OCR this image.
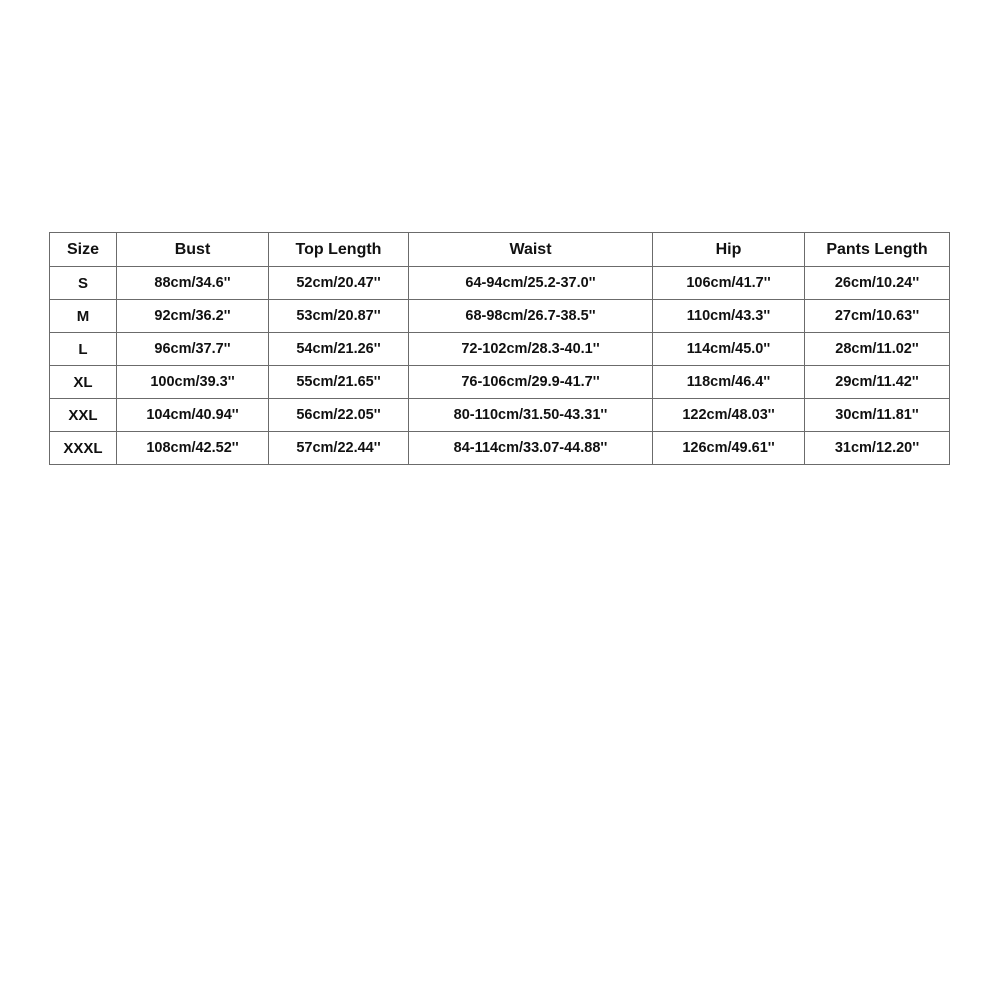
Size	Bust	Top Length	Waist	Hip	Pants Length
S	88cm/34.6''	52cm/20.47''	64-94cm/25.2-37.0''	106cm/41.7''	26cm/10.24''
M	92cm/36.2''	53cm/20.87''	68-98cm/26.7-38.5''	110cm/43.3''	27cm/10.63''
L	96cm/37.7''	54cm/21.26''	72-102cm/28.3-40.1''	114cm/45.0''	28cm/11.02''
XL	100cm/39.3''	55cm/21.65''	76-106cm/29.9-41.7''	118cm/46.4''	29cm/11.42''
XXL	104cm/40.94''	56cm/22.05''	80-110cm/31.50-43.31''	122cm/48.03''	30cm/11.81''
XXXL	108cm/42.52''	57cm/22.44''	84-114cm/33.07-44.88''	126cm/49.61''	31cm/12.20''
